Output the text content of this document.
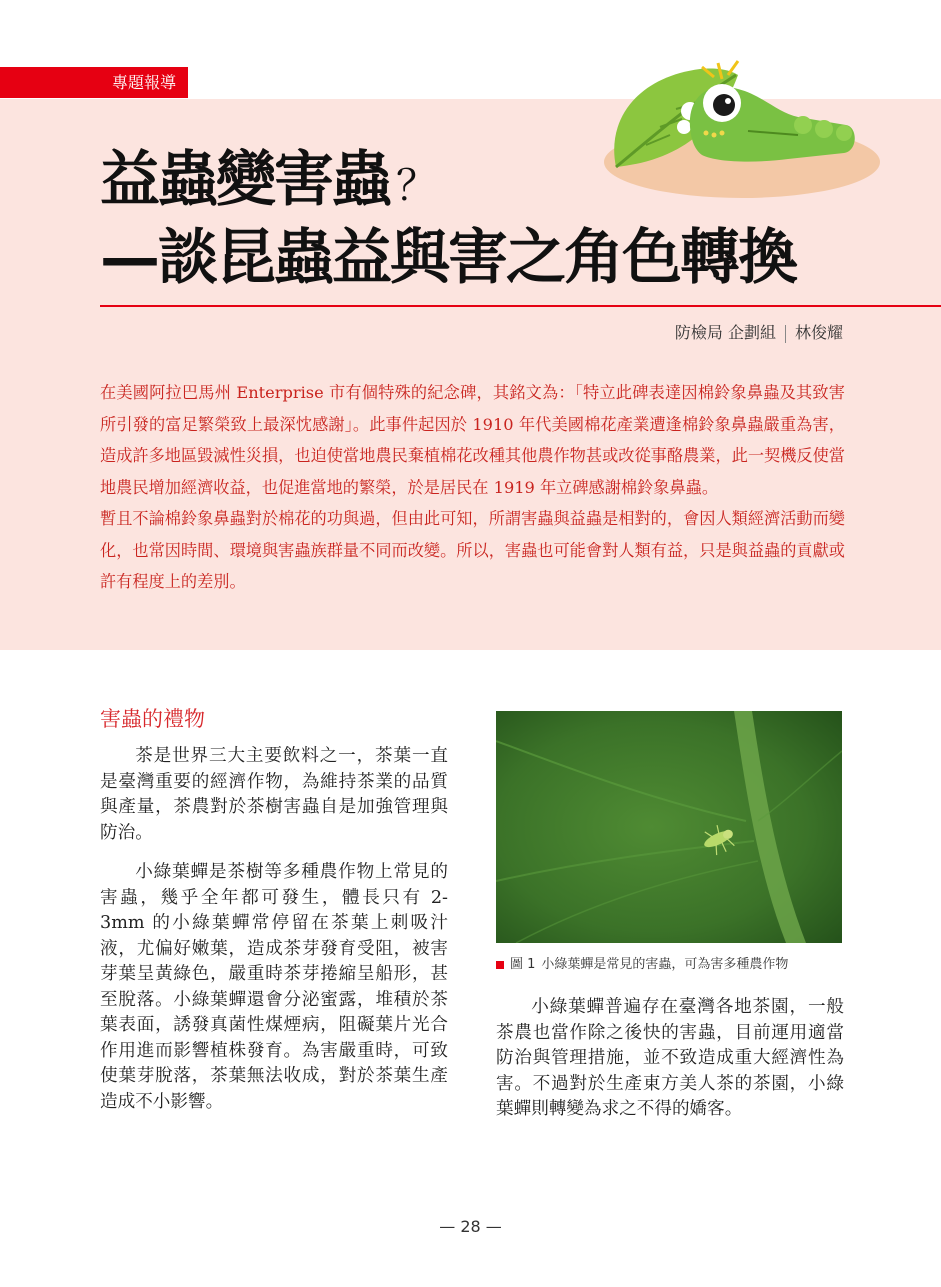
專題報導
益蟲變害蟲 ？
—談昆蟲益與害之角色轉換
防檢局 企劃組 林俊耀

在美國阿拉巴馬州 Enterprise 市有個特殊的紀念碑，其銘文為：「特立此碑表達因棉鈴象鼻蟲及其致害所引發的富足繁榮致上最深忱感謝」。此事件起因於 1910 年代美國棉花產業遭逢棉鈴象鼻蟲嚴重為害，造成許多地區毀滅性災損，也迫使當地農民棄植棉花改種其他農作物甚或改從事酪農業，此一契機反使當地農民增加經濟收益，也促進當地的繁榮，於是居民在 1919 年立碑感謝棉鈴象鼻蟲。

暫且不論棉鈴象鼻蟲對於棉花的功與過，但由此可知，所謂害蟲與益蟲是相對的，會因人類經濟活動而變化，也常因時間、環境與害蟲族群量不同而改變。所以，害蟲也可能會對人類有益，只是與益蟲的貢獻或許有程度上的差別。

害蟲的禮物

茶是世界三大主要飲料之一，茶葉一直是臺灣重要的經濟作物，為維持茶業的品質與產量，茶農對於茶樹害蟲自是加強管理與防治。

小綠葉蟬是茶樹等多種農作物上常見的害蟲，幾乎全年都可發生，體長只有 2-3mm 的小綠葉蟬常停留在茶葉上刺吸汁液，尤偏好嫩葉，造成茶芽發育受阻，被害芽葉呈黃綠色，嚴重時茶芽捲縮呈船形，甚至脫落。小綠葉蟬還會分泌蜜露，堆積於茶葉表面，誘發真菌性煤煙病，阻礙葉片光合作用進而影響植株發育。為害嚴重時，可致使葉芽脫落，茶葉無法收成，對於茶葉生產造成不小影響。

圖 1 小綠葉蟬是常見的害蟲，可為害多種農作物

小綠葉蟬普遍存在臺灣各地茶園，一般茶農也當作除之後快的害蟲，目前運用適當防治與管理措施，並不致造成重大經濟性為害。不過對於生產東方美人茶的茶園，小綠葉蟬則轉變為求之不得的嬌客。

— 28 —
